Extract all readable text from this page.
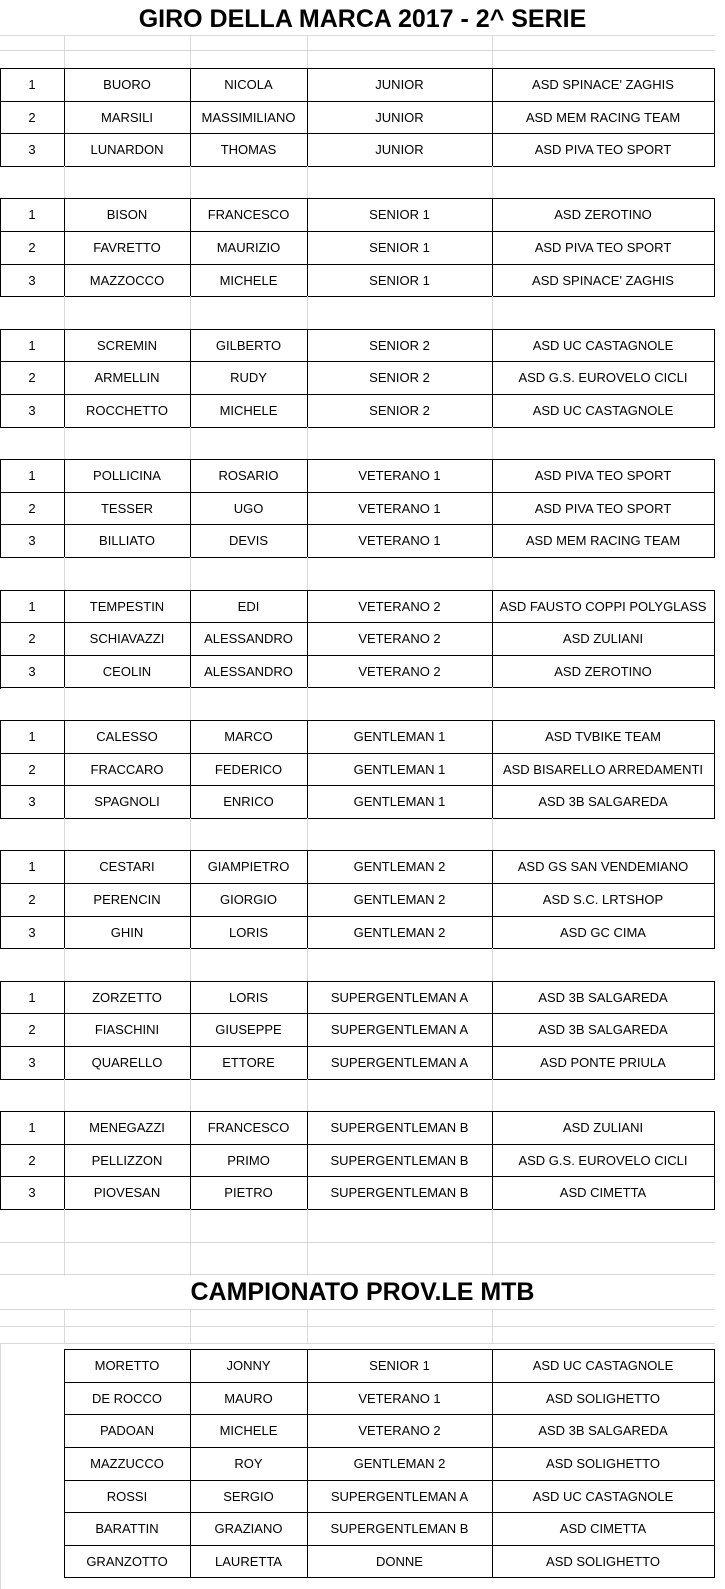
GIRO DELLA MARCA 2017 - 2^ SERIE
1	BUORO	NICOLA	JUNIOR	ASD SPINACE' ZAGHIS
2	MARSILI	MASSIMILIANO	JUNIOR	ASD MEM RACING TEAM
3	LUNARDON	THOMAS	JUNIOR	ASD PIVA TEO SPORT
1	BISON	FRANCESCO	SENIOR 1	ASD ZEROTINO
2	FAVRETTO	MAURIZIO	SENIOR 1	ASD PIVA TEO SPORT
3	MAZZOCCO	MICHELE	SENIOR 1	ASD SPINACE' ZAGHIS
1	SCREMIN	GILBERTO	SENIOR 2	ASD UC CASTAGNOLE
2	ARMELLIN	RUDY	SENIOR 2	ASD G.S. EUROVELO CICLI
3	ROCCHETTO	MICHELE	SENIOR 2	ASD UC CASTAGNOLE
1	POLLICINA	ROSARIO	VETERANO 1	ASD PIVA TEO SPORT
2	TESSER	UGO	VETERANO 1	ASD PIVA TEO SPORT
3	BILLIATO	DEVIS	VETERANO 1	ASD MEM RACING TEAM
1	TEMPESTIN	EDI	VETERANO 2	ASD FAUSTO COPPI POLYGLASS
2	SCHIAVAZZI	ALESSANDRO	VETERANO 2	ASD ZULIANI
3	CEOLIN	ALESSANDRO	VETERANO 2	ASD ZEROTINO
1	CALESSO	MARCO	GENTLEMAN 1	ASD TVBIKE TEAM
2	FRACCARO	FEDERICO	GENTLEMAN 1	ASD BISARELLO ARREDAMENTI
3	SPAGNOLI	ENRICO	GENTLEMAN 1	ASD 3B SALGAREDA
1	CESTARI	GIAMPIETRO	GENTLEMAN 2	ASD GS SAN VENDEMIANO
2	PERENCIN	GIORGIO	GENTLEMAN 2	ASD S.C. LRTSHOP
3	GHIN	LORIS	GENTLEMAN 2	ASD GC CIMA
1	ZORZETTO	LORIS	SUPERGENTLEMAN A	ASD 3B SALGAREDA
2	FIASCHINI	GIUSEPPE	SUPERGENTLEMAN A	ASD 3B SALGAREDA
3	QUARELLO	ETTORE	SUPERGENTLEMAN A	ASD PONTE PRIULA
1	MENEGAZZI	FRANCESCO	SUPERGENTLEMAN B	ASD ZULIANI
2	PELLIZZON	PRIMO	SUPERGENTLEMAN B	ASD G.S. EUROVELO CICLI
3	PIOVESAN	PIETRO	SUPERGENTLEMAN B	ASD CIMETTA
CAMPIONATO PROV.LE MTB
MORETTO	JONNY	SENIOR 1	ASD UC CASTAGNOLE
DE ROCCO	MAURO	VETERANO 1	ASD SOLIGHETTO
PADOAN	MICHELE	VETERANO 2	ASD 3B SALGAREDA
MAZZUCCO	ROY	GENTLEMAN 2	ASD SOLIGHETTO
ROSSI	SERGIO	SUPERGENTLEMAN A	ASD UC CASTAGNOLE
BARATTIN	GRAZIANO	SUPERGENTLEMAN B	ASD CIMETTA
GRANZOTTO	LAURETTA	DONNE	ASD SOLIGHETTO
